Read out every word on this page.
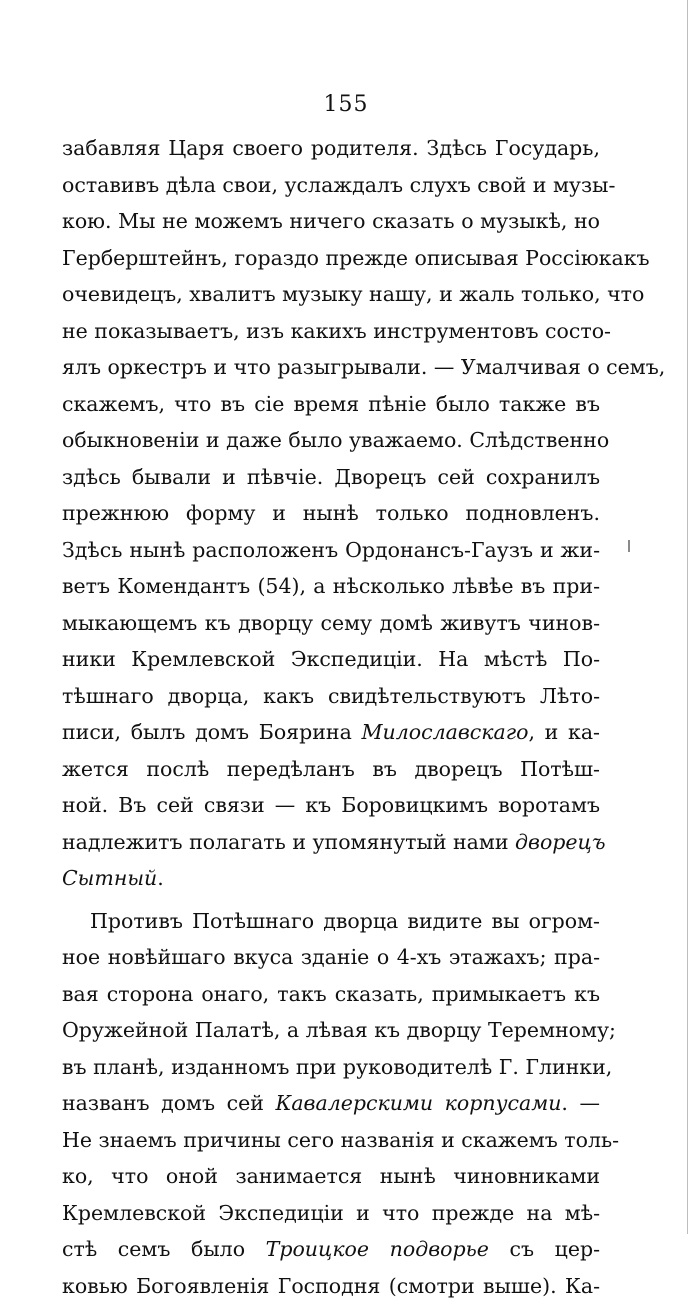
155
забавляя Царя своего родителя. Здѣсь Государь,
оставивъ дѣла свои, услаждалъ слухъ свой и музы-
кою. Мы не можемъ ничего сказать о музыкѣ, но
Герберштейнъ, гораздо прежде описывая Россіюкакъ
очевидецъ, хвалитъ музыку нашу, и жаль только, что
не показываетъ, изъ какихъ инструментовъ состо-
ялъ оркестръ и что разыгрывали. — Умалчивая о семъ,
скажемъ, что въ сіе время пѣніе было также въ
обыкновеніи и даже было уважаемо. Слѣдственно
здѣсь бывали и пѣвчіе. Дворецъ сей сохранилъ
прежнюю форму и нынѣ только подновленъ.
Здѣсь нынѣ расположенъ Ордонансъ-Гаузъ и жи-
ветъ Комендантъ (54), а нѣсколько лѣвѣе въ при-
мыкающемъ къ дворцу сему домѣ живутъ чинов-
ники Кремлевской Экспедиціи. На мѣстѣ По-
тѣшнаго дворца, какъ свидѣтельствуютъ Лѣто-
писи, былъ домъ Боярина Милославскаго, и ка-
жется послѣ передѣланъ въ дворецъ Потѣш-
ной. Въ сей связи — къ Боровицкимъ воротамъ
надлежитъ полагать и упомянутый нами дворецъ
Сытный.
Противъ Потѣшнаго дворца видите вы огром-
ное новѣйшаго вкуса зданіе о 4-хъ этажахъ; пра-
вая сторона онаго, такъ сказать, примыкаетъ къ
Оружейной Палатѣ, а лѣвая къ дворцу Теремному;
въ планѣ, изданномъ при руководителѣ Г. Глинки,
названъ домъ сей Кавалерскими корпусами. —
Не знаемъ причины сего названія и скажемъ толь-
ко, что оной занимается нынѣ чиновниками
Кремлевской Экспедиціи и что прежде на мѣ-
стѣ семъ было Троицкое подворье съ цер-
ковью Богоявленія Господня (смотри выше). Ка-
